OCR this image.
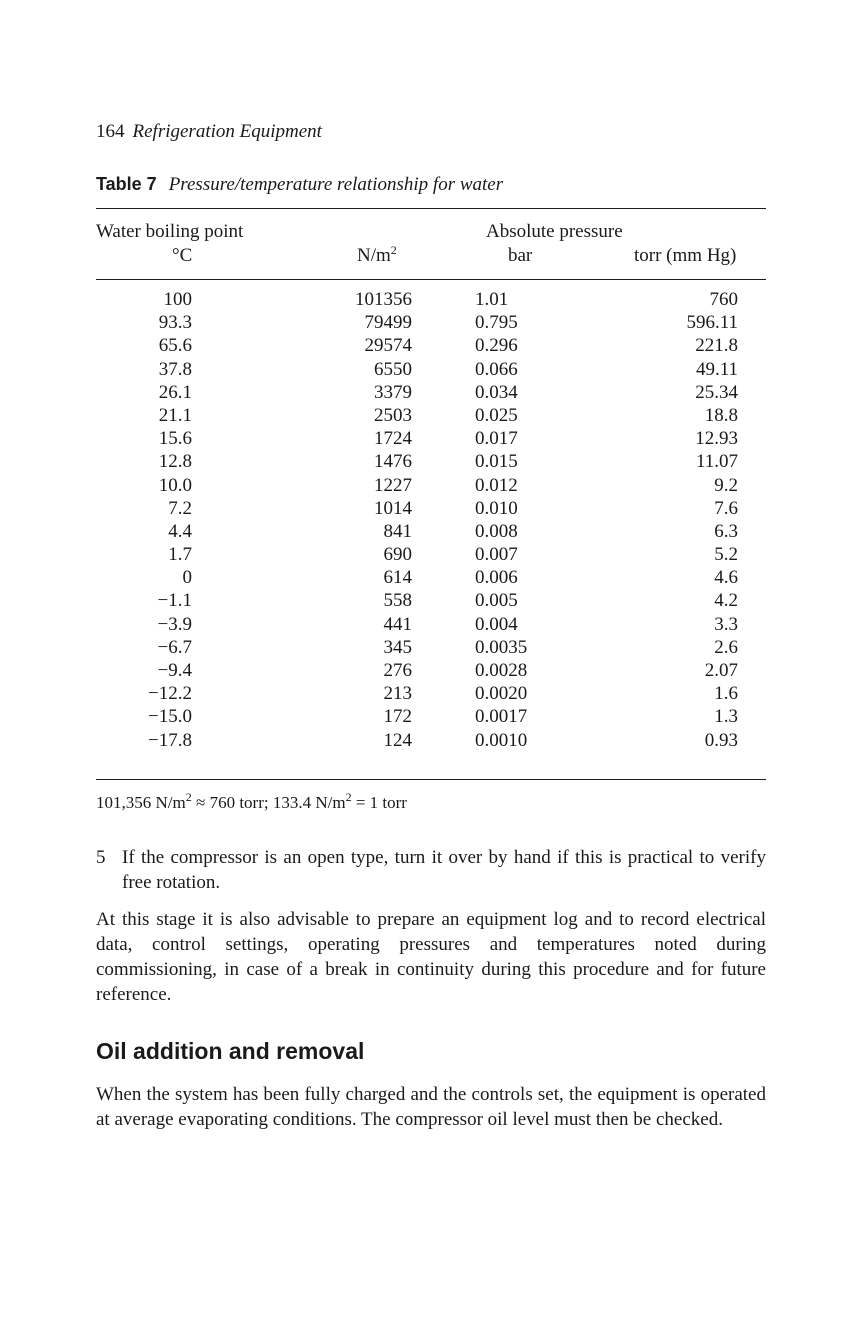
164 Refrigeration Equipment
Table 7 Pressure/temperature relationship for water
Water boiling point
°C
Absolute pressure
$N/m^2$	bar	torr (mm Hg)
100	101356	1.01	760
93.3	79499	0.795	596.11
65.6	29574	0.296	221.8
37.8	6550	0.066	49.11
26.1	3379	0.034	25.34
21.1	2503	0.025	18.8
15.6	1724	0.017	12.93
12.8	1476	0.015	11.07
10.0	1227	0.012	9.2
7.2	1014	0.010	7.6
4.4	841	0.008	6.3
1.7	690	0.007	5.2
0	614	0.006	4.6
−1.1	558	0.005	4.2
−3.9	441	0.004	3.3
−6.7	345	0.0035	2.6
−9.4	276	0.0028	2.07
−12.2	213	0.0020	1.6
−15.0	172	0.0017	1.3
−17.8	124	0.0010	0.93
101,356 $N/m^2 \approx 760$ torr; 133.4 $N/m^2 = 1$ torr
5 If the compressor is an open type, turn it over by hand if this is practical to verify free rotation.
At this stage it is also advisable to prepare an equipment log and to record electrical data, control settings, operating pressures and temperatures noted during commissioning, in case of a break in continuity during this procedure and for future reference.
Oil addition and removal
When the system has been fully charged and the controls set, the equipment is operated at average evaporating conditions. The compressor oil level must then be checked.
